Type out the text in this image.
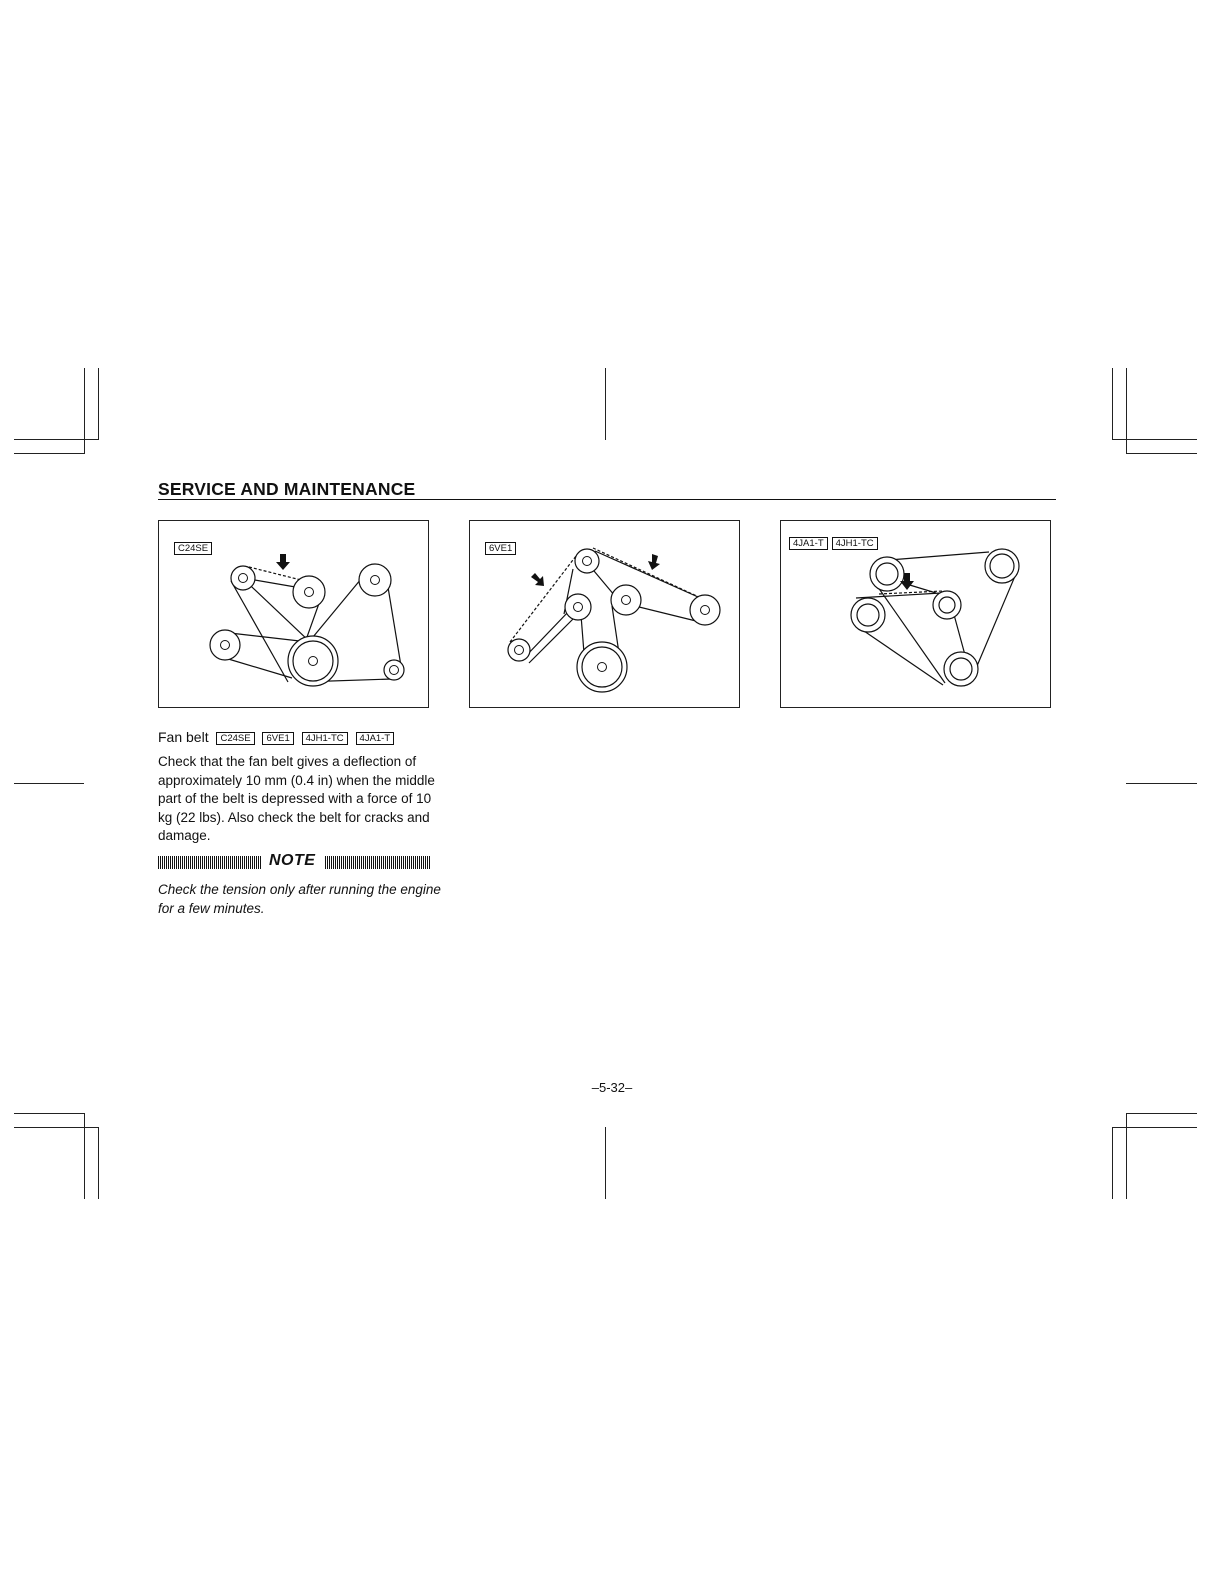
SERVICE AND MAINTENANCE
C24SE	6VE1	4JA1-T 4JH1-TC
Fan belt C24SE 6VE1 4JH1-TC 4JA1-T
Check that the fan belt gives a deflection of approximately 10 mm (0.4 in) when the middle part of the belt is depressed with a force of 10 kg (22 lbs). Also check the belt for cracks and damage.
NOTE
Check the tension only after running the engine for a few minutes.
–5-32–
